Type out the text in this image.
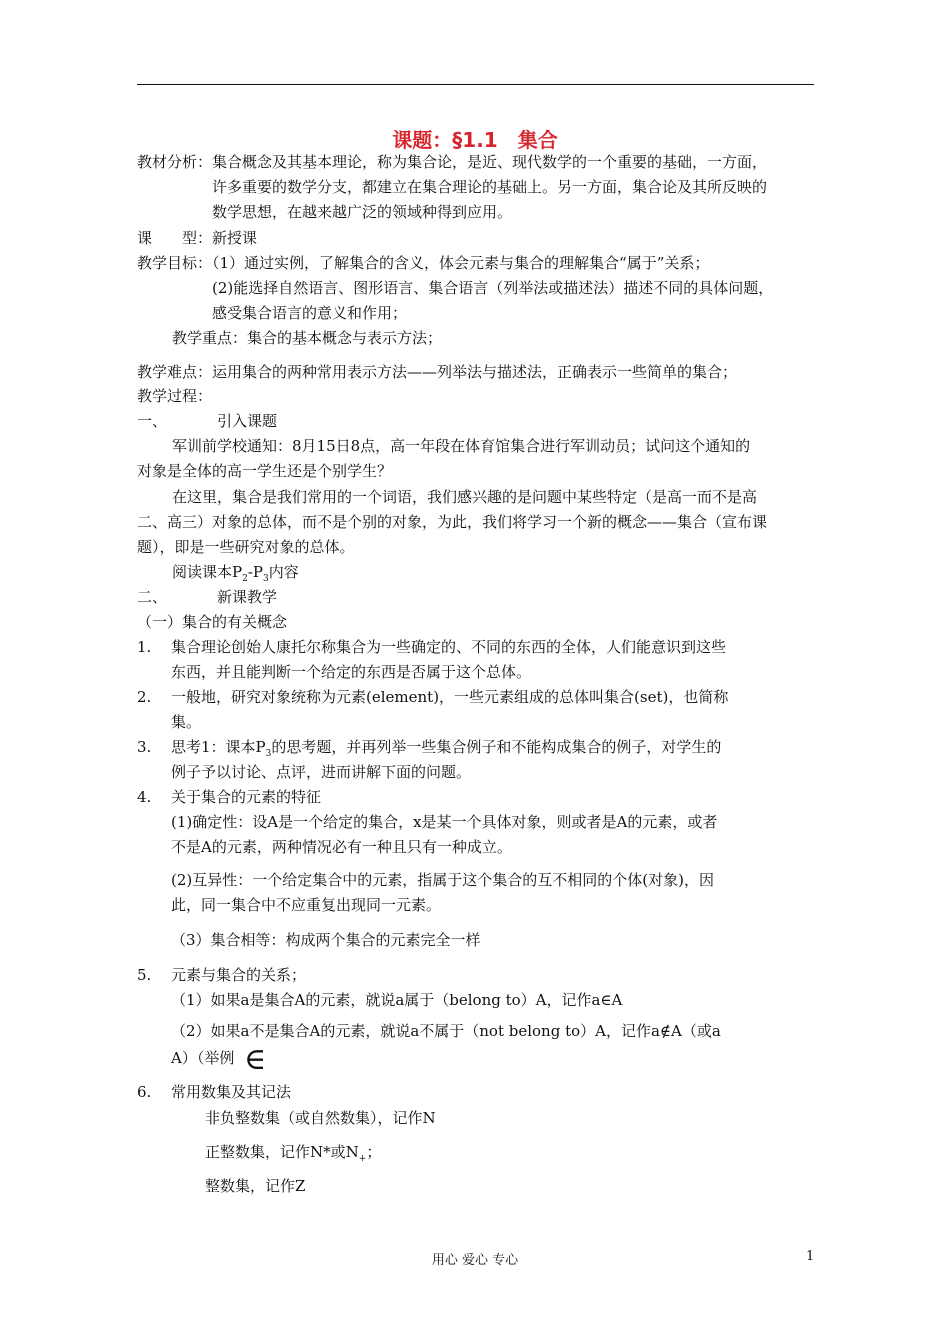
课题：§1.1　集合
教材分析：集合概念及其基本理论，称为集合论，是近、现代数学的一个重要的基础，一方面，
许多重要的数学分支，都建立在集合理论的基础上。另一方面，集合论及其所反映的
数学思想，在越来越广泛的领域种得到应用。
课　　型：新授课
教学目标：（1）通过实例，了解集合的含义，体会元素与集合的理解集合“属于”关系；
(2)能选择自然语言、图形语言、集合语言（列举法或描述法）描述不同的具体问题，
感受集合语言的意义和作用；
教学重点：集合的基本概念与表示方法；
教学难点：运用集合的两种常用表示方法——列举法与描述法，正确表示一些简单的集合；
教学过程：
一、	引入课题
军训前学校通知：8月15日8点，高一年段在体育馆集合进行军训动员；试问这个通知的
对象是全体的高一学生还是个别学生？
在这里，集合是我们常用的一个词语，我们感兴趣的是问题中某些特定（是高一而不是高
二、高三）对象的总体，而不是个别的对象，为此，我们将学习一个新的概念——集合（宣布课
题），即是一些研究对象的总体。
阅读课本$P_2-P_3$内容
二、	新课教学
（一）集合的有关概念
1. 集合理论创始人康托尔称集合为一些确定的、不同的东西的全体，人们能意识到这些
东西，并且能判断一个给定的东西是否属于这个总体。
2. 一般地，研究对象统称为元素(element)，一些元素组成的总体叫集合(set)，也简称
集。
3. 思考1：课本$P_3$的思考题，并再列举一些集合例子和不能构成集合的例子，对学生的
例子予以讨论、点评，进而讲解下面的问题。
4. 关于集合的元素的特征
(1)确定性：设A是一个给定的集合，x是某一个具体对象，则或者是A的元素，或者
不是A的元素，两种情况必有一种且只有一种成立。
(2)互异性：一个给定集合中的元素，指属于这个集合的互不相同的个体(对象)，因
此，同一集合中不应重复出现同一元素。
（3）集合相等：构成两个集合的元素完全一样
5. 元素与集合的关系；
（1）如果a是集合A的元素，就说a属于（belong to）A，记作a∈A
（2）如果a不是集合A的元素，就说a不属于（not belong to）A，记作a∉A（或a
A）（举例 ∈
6. 常用数集及其记法
非负整数集（或自然数集），记作N
正整数集，记作N*或$N_+$；
整数集，记作Z
用心 爱心 专心	1
